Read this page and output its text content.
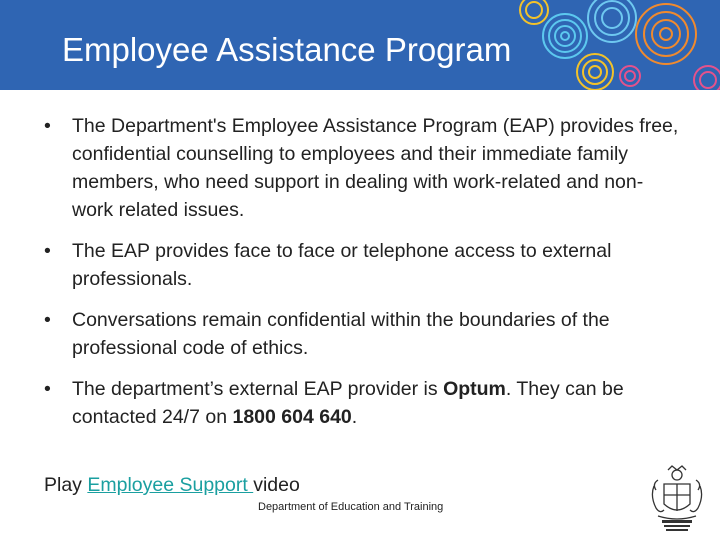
Employee Assistance Program
•	The Department's Employee Assistance Program (EAP) provides free, confidential counselling to employees and their immediate family members, who need support in dealing with work-related and non-work related issues.
•	The EAP provides face to face or telephone access to external professionals.
•	Conversations remain confidential within the boundaries of the professional code of ethics.
•	The department’s external EAP provider is Optum. They can be contacted 24/7 on 1800 604 640.
Play Employee Support video
Department of Education and Training
